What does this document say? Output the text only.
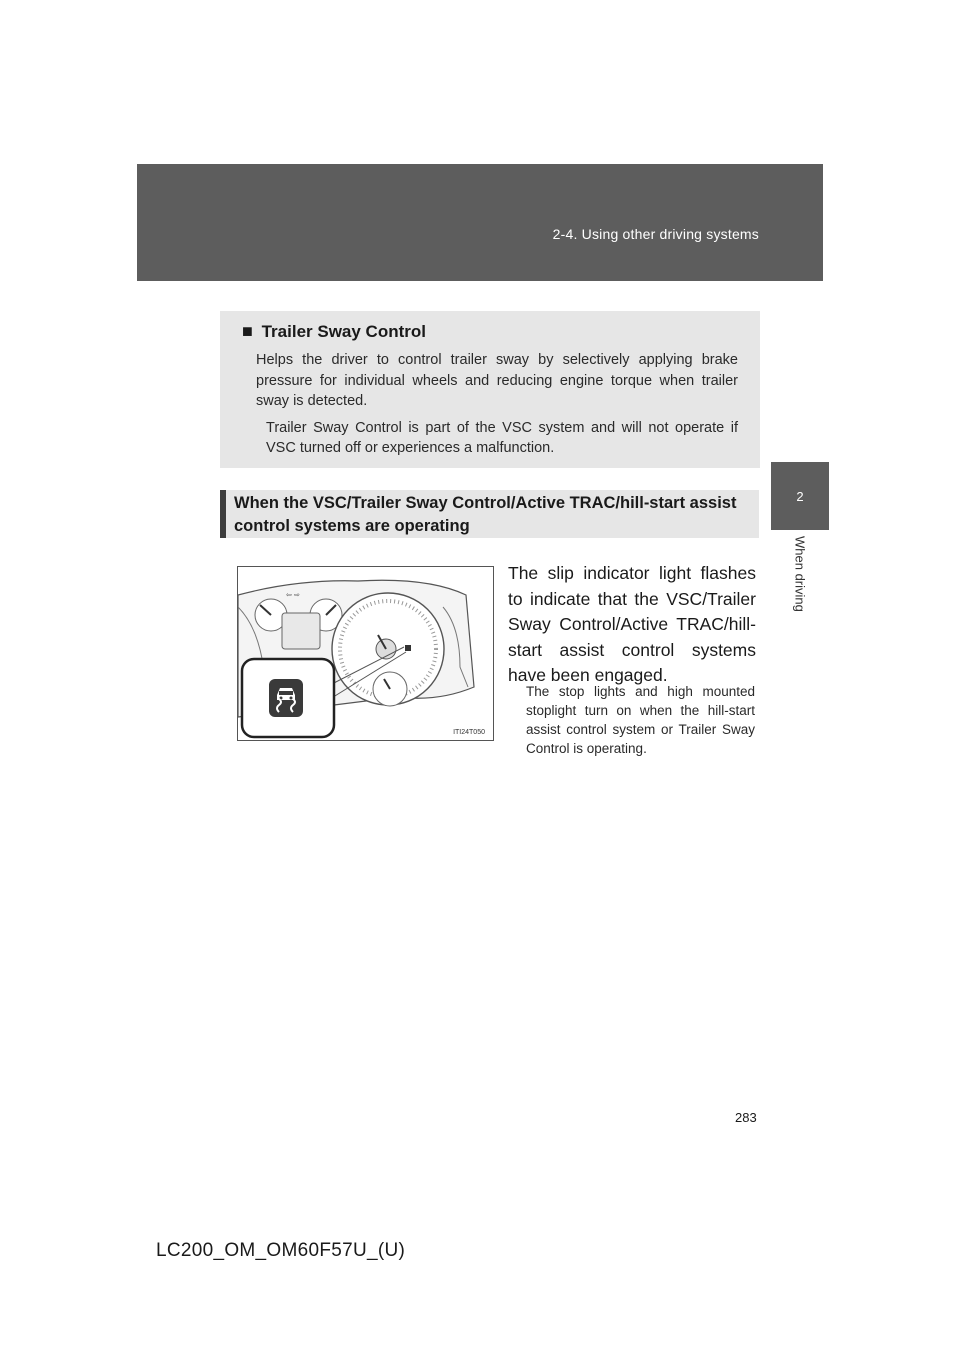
2-4. Using other driving systems
2
When driving

■ Trailer Sway Control

Helps the driver to control trailer sway by selectively applying brake pressure for individual wheels and reducing engine torque when trailer sway is detected.

Trailer Sway Control is part of the VSC system and will not operate if VSC turned off or experiences a malfunction.

When the VSC/Trailer Sway Control/Active TRAC/hill-start assist control systems are operating
⇦ ⇨
ITI24T050

The slip indicator light flashes to indicate that the VSC/Trailer Sway Control/Active TRAC/hill-start assist control systems have been engaged.

The stop lights and high mounted stoplight turn on when the hill-start assist control system or Trailer Sway Control is operating.

283
LC200_OM_OM60F57U_(U)
